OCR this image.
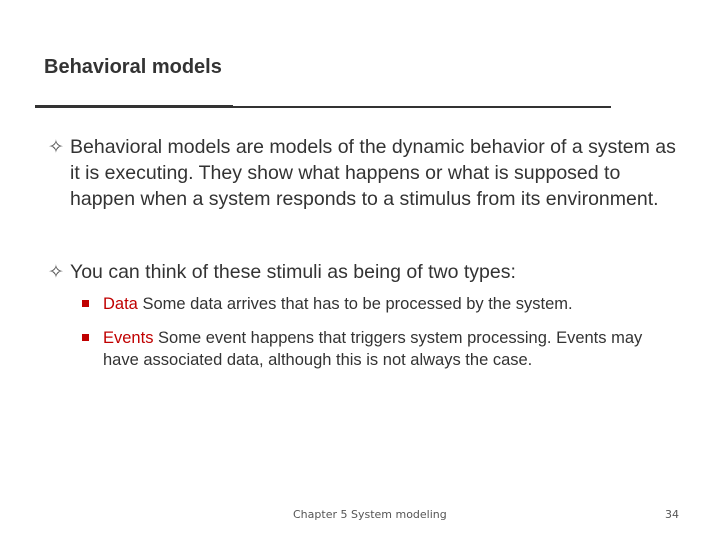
Behavioral models
✧ Behavioral models are models of the dynamic behavior of a system as it is executing. They show what happens or what is supposed to happen when a system responds to a stimulus from its environment.
✧ You can think of these stimuli as being of two types:
Data Some data arrives that has to be processed by the system.
Events Some event happens that triggers system processing. Events may have associated data, although this is not always the case.
Chapter 5 System modeling	34
